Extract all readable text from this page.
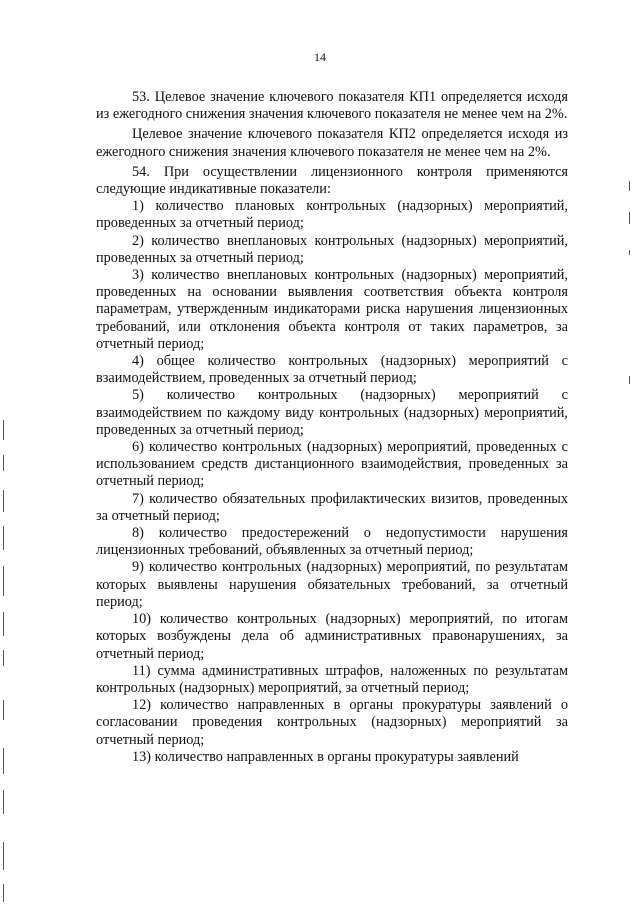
14

53. Целевое значение ключевого показателя КП1 определяется исходя из ежегодного снижения значения ключевого показателя не менее чем на 2%.

Целевое значение ключевого показателя КП2 определяется исходя из ежегодного снижения значения ключевого показателя не менее чем на 2%.

54. При осуществлении лицензионного контроля применяются следующие индикативные показатели:

1) количество плановых контрольных (надзорных) мероприятий, проведенных за отчетный период;

2) количество внеплановых контрольных (надзорных) мероприятий, проведенных за отчетный период;

3) количество внеплановых контрольных (надзорных) мероприятий, проведенных на основании выявления соответствия объекта контроля параметрам, утвержденным индикаторами риска нарушения лицензионных требований, или отклонения объекта контроля от таких параметров, за отчетный период;

4) общее количество контрольных (надзорных) мероприятий с взаимодействием, проведенных за отчетный период;

5) количество контрольных (надзорных) мероприятий с взаимодействием по каждому виду контрольных (надзорных) мероприятий, проведенных за отчетный период;

6) количество контрольных (надзорных) мероприятий, проведенных с использованием средств дистанционного взаимодействия, проведенных за отчетный период;

7) количество обязательных профилактических визитов, проведенных за отчетный период;

8) количество предостережений о недопустимости нарушения лицензионных требований, объявленных за отчетный период;

9) количество контрольных (надзорных) мероприятий, по результатам которых выявлены нарушения обязательных требований, за отчетный период;

10) количество контрольных (надзорных) мероприятий, по итогам которых возбуждены дела об административных правонарушениях, за отчетный период;

11) сумма административных штрафов, наложенных по результатам контрольных (надзорных) мероприятий, за отчетный период;

12) количество направленных в органы прокуратуры заявлений о согласовании проведения контрольных (надзорных) мероприятий за отчетный период;

13) количество направленных в органы прокуратуры заявлений
